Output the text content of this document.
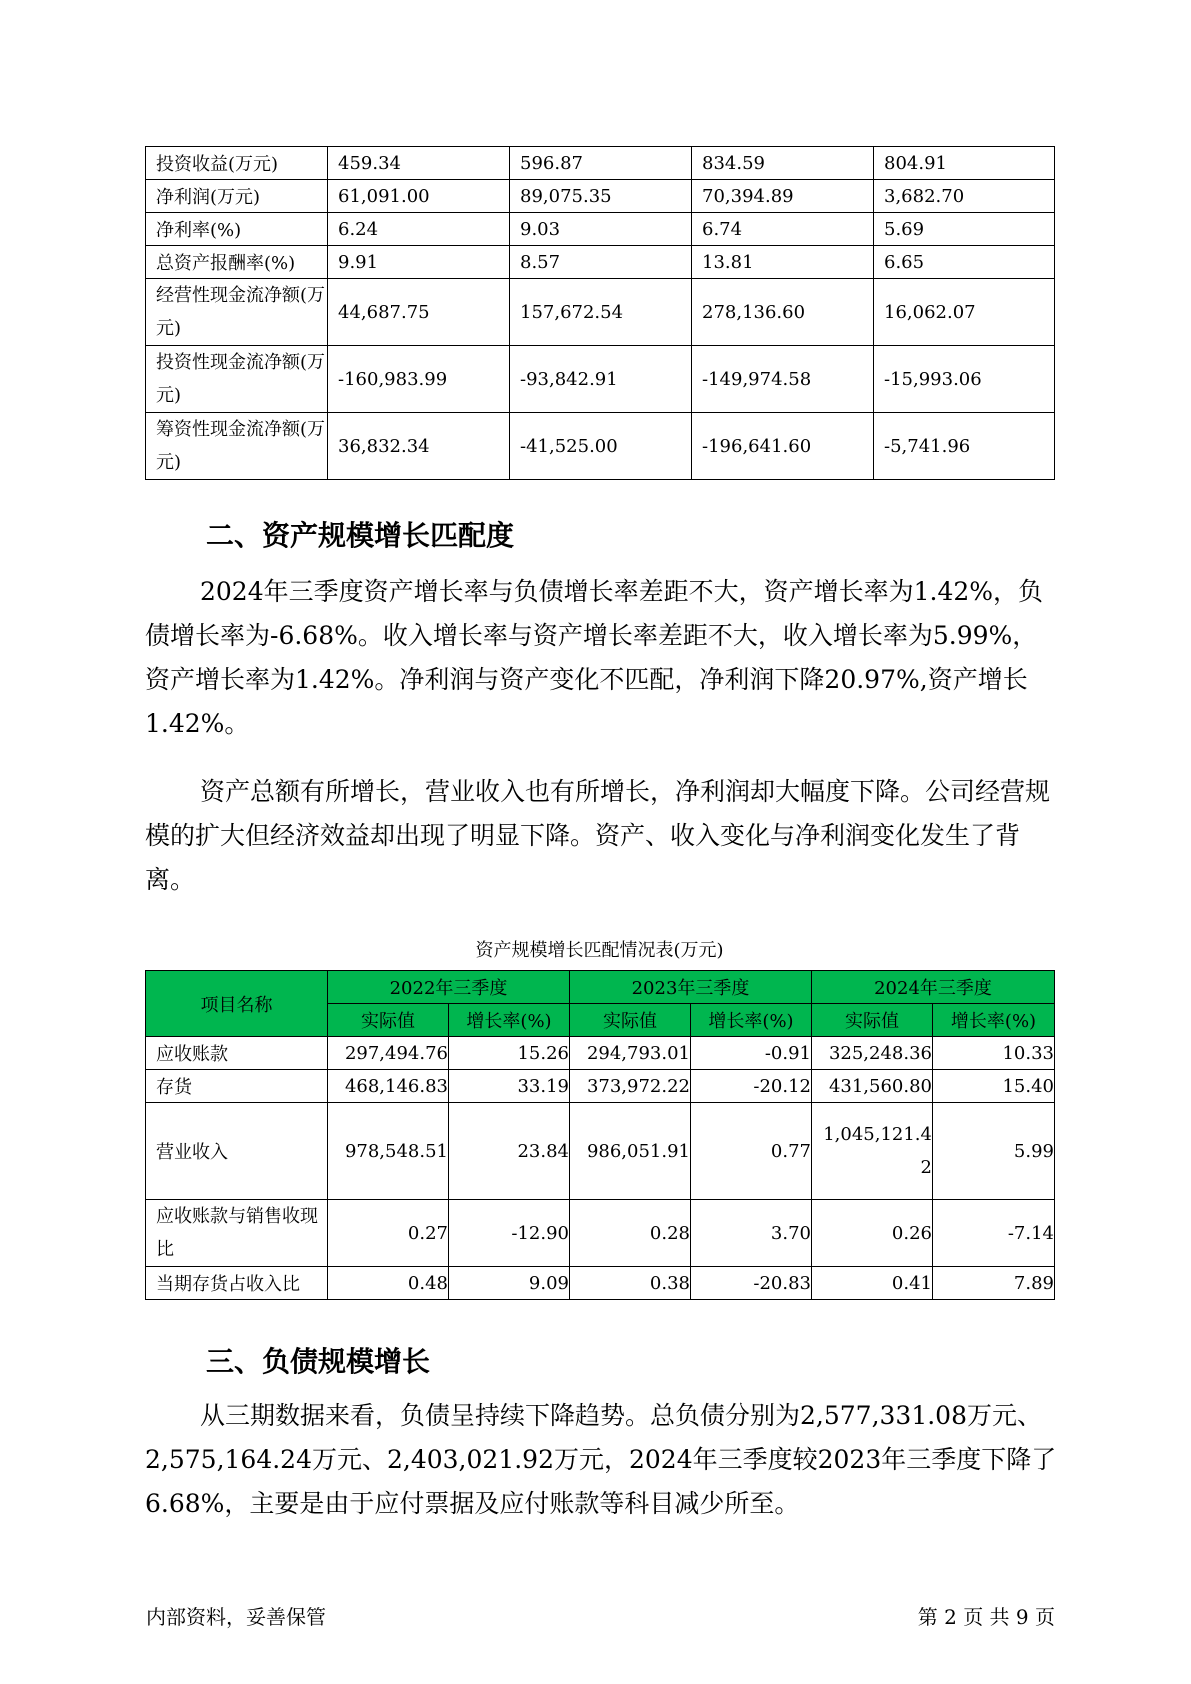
投资收益(万元)	459.34	596.87	834.59	804.91
净利润(万元)	61,091.00	89,075.35	70,394.89	3,682.70
净利率(%)	6.24	9.03	6.74	5.69
总资产报酬率(%)	9.91	8.57	13.81	6.65
经营性现金流净额(万元)	44,687.75	157,672.54	278,136.60	16,062.07
投资性现金流净额(万元)	-160,983.99	-93,842.91	-149,974.58	-15,993.06
筹资性现金流净额(万元)	36,832.34	-41,525.00	-196,641.60	-5,741.96
二、资产规模增长匹配度

2024年三季度资产增长率与负债增长率差距不大，资产增长率为1.42%，负债增长率为-6.68%。收入增长率与资产增长率差距不大，收入增长率为5.99%，资产增长率为1.42%。净利润与资产变化不匹配，净利润下降20.97%,资产增长1.42%。

资产总额有所增长，营业收入也有所增长，净利润却大幅度下降。公司经营规模的扩大但经济效益却出现了明显下降。资产、收入变化与净利润变化发生了背离。

资产规模增长匹配情况表(万元)
项目名称	2022年三季度		2023年三季度		2024年三季度	
	实际值	增长率(%)	实际值	增长率(%)	实际值	增长率(%)
应收账款	297,494.76	15.26	294,793.01	-0.91	325,248.36	10.33
存货	468,146.83	33.19	373,972.22	-20.12	431,560.80	15.40
营业收入	978,548.51	23.84	986,051.91	0.77	1,045,121.42	5.99
应收账款与销售收现比	0.27	-12.90	0.28	3.70	0.26	-7.14
当期存货占收入比	0.48	9.09	0.38	-20.83	0.41	7.89
三、负债规模增长

从三期数据来看，负债呈持续下降趋势。总负债分别为2,577,331.08万元、2,575,164.24万元、2,403,021.92万元，2024年三季度较2023年三季度下降了6.68%，主要是由于应付票据及应付账款等科目减少所至。

内部资料，妥善保管	第 2 页 共 9 页
